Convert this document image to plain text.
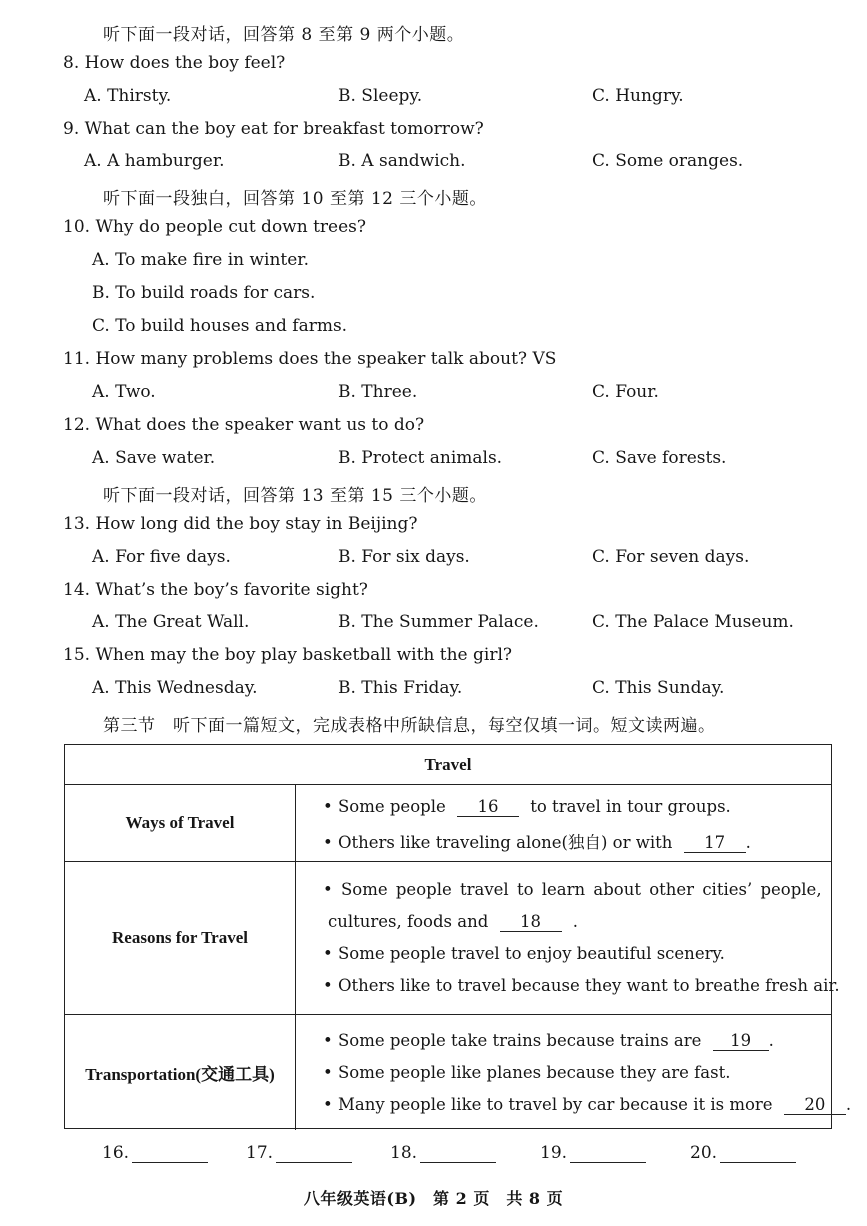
听下面一段对话，回答第 8 至第 9 两个小题。
8. How does the boy feel?
A. Thirsty.	B. Sleepy.	C. Hungry.
9. What can the boy eat for breakfast tomorrow?
A. A hamburger.	B. A sandwich.	C. Some oranges.
听下面一段独白，回答第 10 至第 12 三个小题。
10. Why do people cut down trees?
A. To make fire in winter.
B. To build roads for cars.
C. To build houses and farms.
11. How many problems does the speaker talk about? VS
A. Two.	B. Three.	C. Four.
12. What does the speaker want us to do?
A. Save water.	B. Protect animals.	C. Save forests.
听下面一段对话，回答第 13 至第 15 三个小题。
13. How long did the boy stay in Beijing?
A. For five days.	B. For six days.	C. For seven days.
14. What’s the boy’s favorite sight?
A. The Great Wall.	B. The Summer Palace.	C. The Palace Museum.
15. When may the boy play basketball with the girl?
A. This Wednesday.	B. This Friday.	C. This Sunday.
第三节　听下面一篇短文，完成表格中所缺信息，每空仅填一词。短文读两遍。
Travel
Ways of Travel
• Some people 16 to travel in tour groups.
• Others like traveling alone(独自) or with 17 .
Reasons for Travel
• Some people travel to learn about other cities’ people,
cultures, foods and 18 .
• Some people travel to enjoy beautiful scenery.
• Others like to travel because they want to breathe fresh air.
Transportation(交通工具)
• Some people take trains because trains are 19 .
• Some people like planes because they are fast.
• Many people like to travel by car because it is more 20 .
16.	17.	18.	19.	20.
八年级英语(B)　第 2 页　共 8 页
